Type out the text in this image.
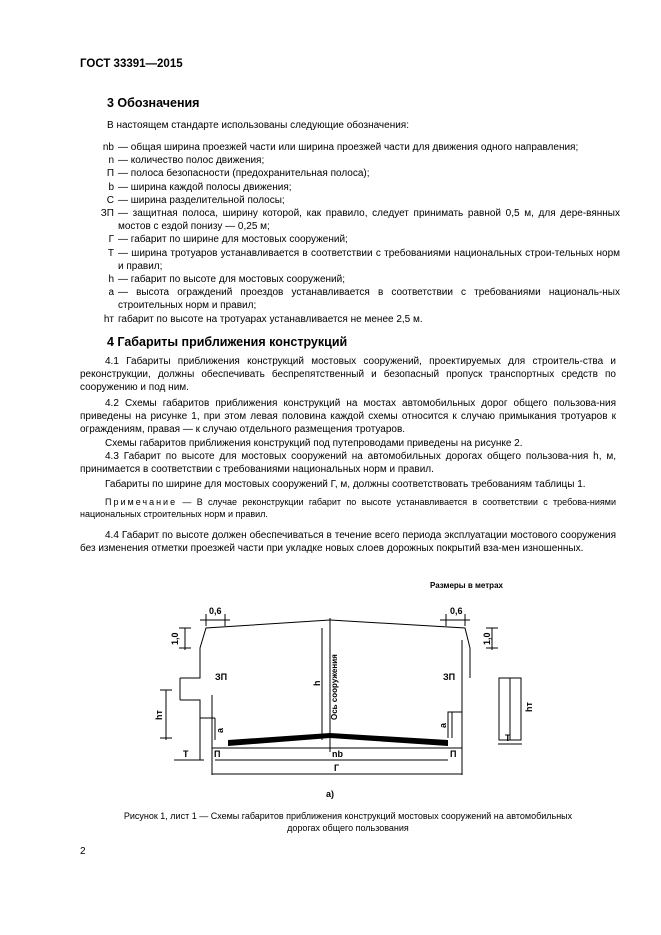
ГОСТ 33391—2015
3 Обозначения
В настоящем стандарте использованы следующие обозначения:
nb — общая ширина проезжей части или ширина проезжей части для движения одного направления;
n — количество полос движения;
П — полоса безопасности (предохранительная полоса);
b — ширина каждой полосы движения;
С — ширина разделительной полосы;
ЗП — защитная полоса, ширину которой, как правило, следует принимать равной 0,5 м, для дере-вянных мостов с ездой понизу — 0,25 м;
Г — габарит по ширине для мостовых сооружений;
Т — ширина тротуаров устанавливается в соответствии с требованиями национальных строи-тельных норм и правил;
h — габарит по высоте для мостовых сооружений;
а — высота ограждений проездов устанавливается в соответствии с требованиями националь-ных строительных норм и правил;
hт габарит по высоте на тротуарах устанавливается не менее 2,5 м.
4 Габариты приближения конструкций
4.1 Габариты приближения конструкций мостовых сооружений, проектируемых для строитель-ства и реконструкции, должны обеспечивать беспрепятственный и безопасный пропуск транспортных средств по сооружению и под ним.
4.2 Схемы габаритов приближения конструкций на мостах автомобильных дорог общего пользова-ния приведены на рисунке 1, при этом левая половина каждой схемы относится к случаю примыкания тротуаров к ограждениям, правая — к случаю отдельного размещения тротуаров.
Схемы габаритов приближения конструкций под путепроводами приведены на рисунке 2.
4.3 Габарит по высоте для мостовых сооружений на автомобильных дорогах общего пользова-ния h, м, принимается в соответствии с требованиями национальных норм и правил.
Габариты по ширине для мостовых сооружений Г, м, должны соответствовать требованиям таблицы 1.
Примечание — В случае реконструкции габарит по высоте устанавливается в соответствии с требова-ниями национальных строительных норм и правил.
4.4 Габарит по высоте должен обеспечиваться в течение всего периода эксплуатации мостового сооружения без изменения отметки проезжей части при укладке новых слоев дорожных покрытий вза-мен изношенных.
Размеры в метрах
0,6	0,6
1,0	1,0
ЗП	ЗП
h Ось сооружения
hт
hт
a
a
Т
Т
П	П
nb
Г
а)
Рисунок 1, лист 1 — Схемы габаритов приближения конструкций мостовых сооружений на автомобильных
дорогах общего пользования
2
